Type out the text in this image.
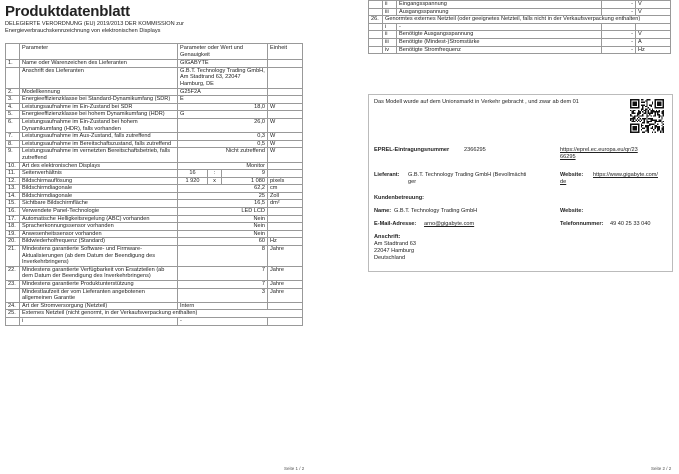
Produktdatenblatt
DELEGIERTE VERORDNUNG (EU) 2019/2013 DER KOMMISSION zur Energieverbrauchskennzeichnung von elektronischen Displays
	Parameter	Parameter oder Wert und Genauigkeit			Einheit
1.	Name oder Warenzeichen des Lieferanten	GIGABYTE			
	Anschrift des Lieferanten	G.B.T. Technology Trading GmbH, Am Stadtrand 63, 22047 Hamburg, DE			
2.	Modellkennung	G25F2A			
3.	Energieeffizienzklasse bei Standard-Dynamikumfang (SDR)	E			
4.	Leistungsaufnahme im Ein-Zustand bei SDR	18,0			W
5.	Energieeffizienzklasse bei hohem Dynamikumfang (HDR)	G			
6.	Leistungsaufnahme im Ein-Zustand bei hohem Dynamikumfang (HDR), falls vorhanden	26,0			W
7.	Leistungsaufnahme im Aus-Zustand, falls zutreffend	0,3			W
8.	Leistungsaufnahme im Bereitschaftszustand, falls zutreffend	0,5			W
9.	Leistungsaufnahme im vernetzten Bereitschaftsbetrieb, falls zutreffend	Nicht zutreffend			W
10.	Art des elektronischen Displays	Monitor			
11.	Seitenverhältnis	16	:	9	
12.	Bildschirmauflösung	1 920	x	1 080	pixels
13.	Bildschirmdiagonale	62,2			cm
14.	Bildschirmdiagonale	25			Zoll
15.	Sichtbare Bildschirmfläche	16,5			dm²
16.	Verwendete Panel-Technologie	LED LCD			
17.	Automatische Helligkeitsregelung (ABC) vorhanden	Nein			
18.	Spracherkonnungssensor vorhanden	Nein			
19.	Anwesenheitssensor vorhanden	Nein			
20.	Bildwiederholfrequenz (Standard)	60			Hz
21.	Mindestens garantierte Software- und Firmware-Aktualisierungen (ab dem Datum der Beendigung des Inverkehrbringens)	8			Jahre
22.	Mindestens garantierte Verfügbarkeit von Ersatzteilen (ab dem Datum der Beendigung des Inverkehrbringens)	7			Jahre
23.	Mindestens garantierte Produktunterstützung	7			Jahre
	Mindestlaufzeit der vom Lieferanten angebotenen allgemeinen Garantie	3			Jahre
24.	Art der Stromversorgung (Netzteil)	Intern			
25.	Externes Netzteil (nicht genormt, in der Verkaufsverpackung enthalten)				
	i	-			
Seite 1 / 2
	ii	Eingangsspannung	-	V
	iii	Ausgangsspannung	-	V
26.	Genormtes externes Netzteil (oder geeignetes Netzteil, falls nicht in der Verkaufsverpackung enthalten)			
	i	-		
	ii	Benötigte Ausgangsspannung	-	V
	iii	Benötigte (Mindest-)Stromstärke	-	A
	iv	Benötigte Stromfrequenz	-	Hz
Das Modell wurde auf dem Unionsmarkt in Verkehr gebracht , und zwar ab dem 01
EPREL-Eintragungsnummer	2366295	https://eprel.ec.europa.eu/qr/23
66295
Lieferant: G.B.T. Technology Trading GmbH (Bevollmächti
ger
Website: https://www.gigabyte.com/
de
Kundenbetreuung:
Name: G.B.T. Technology Trading GmbH	Website:
E-Mail-Adresse: arno@gigabyte.com	Telefonnummer: 49 40 25 33 040
Anschrift:
Am Stadtrand 63
22047 Hamburg
Deutschland
Seite 2 / 2
